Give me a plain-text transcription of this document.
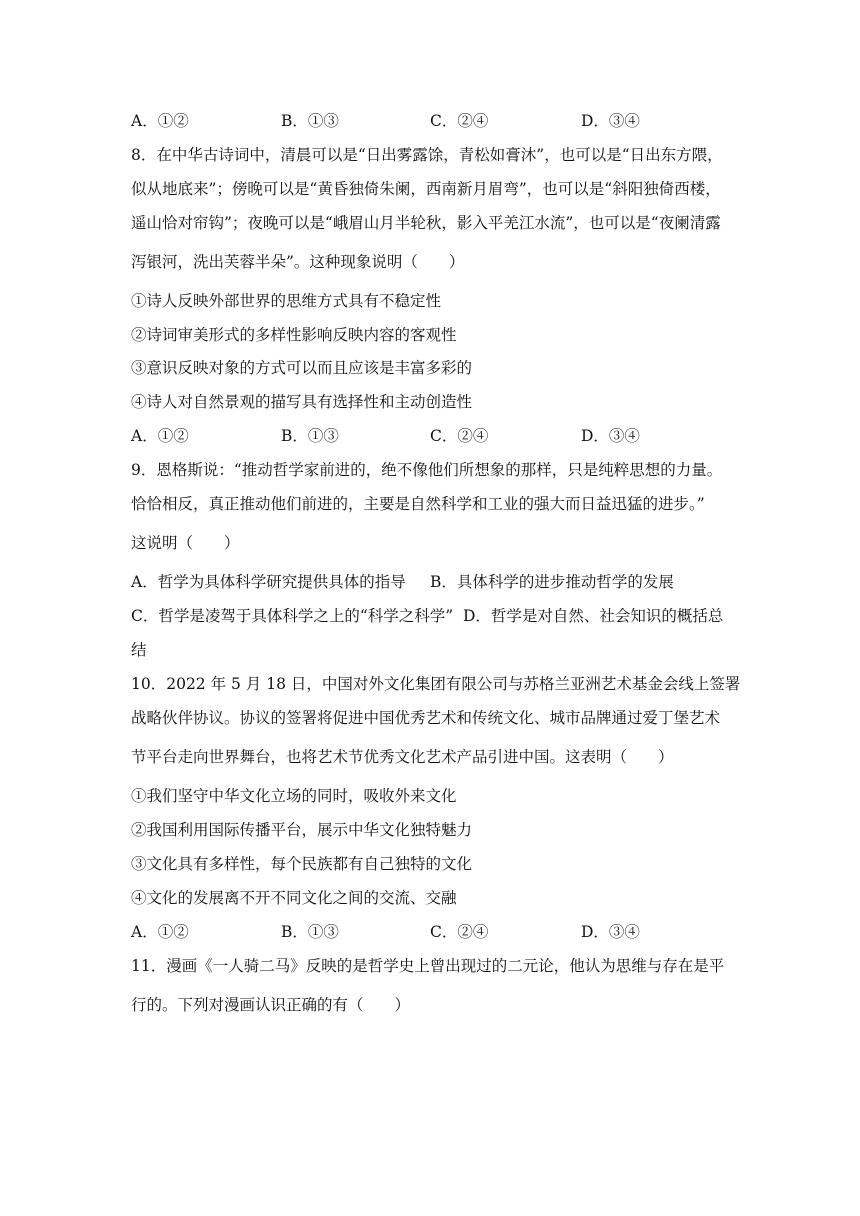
A．①②	B．①③	C．②④	D．③④
8．在中华古诗词中，清晨可以是“日出雾露馀，青松如膏沐”，也可以是“日出东方隈，
似从地底来”；傍晚可以是“黄昏独倚朱阑，西南新月眉弯”，也可以是“斜阳独倚西楼，
遥山恰对帘钩”；夜晚可以是“峨眉山月半轮秋，影入平羌江水流”，也可以是“夜阑清露
泻银河，洗出芙蓉半朵”。这种现象说明（　　）
①诗人反映外部世界的思维方式具有不稳定性
②诗词审美形式的多样性影响反映内容的客观性
③意识反映对象的方式可以而且应该是丰富多彩的
④诗人对自然景观的描写具有选择性和主动创造性
A．①②	B．①③	C．②④	D．③④
9．恩格斯说：“推动哲学家前进的，绝不像他们所想象的那样，只是纯粹思想的力量。
恰恰相反，真正推动他们前进的，主要是自然科学和工业的强大而日益迅猛的进步。”
这说明（　　）
A．哲学为具体科学研究提供具体的指导 B．具体科学的进步推动哲学的发展
C．哲学是凌驾于具体科学之上的“科学之科学” D．哲学是对自然、社会知识的概括总
结
10．2022 年 5 月 18 日，中国对外文化集团有限公司与苏格兰亚洲艺术基金会线上签署
战略伙伴协议。协议的签署将促进中国优秀艺术和传统文化、城市品牌通过爱丁堡艺术
节平台走向世界舞台，也将艺术节优秀文化艺术产品引进中国。这表明（　　）
①我们坚守中华文化立场的同时，吸收外来文化
②我国利用国际传播平台，展示中华文化独特魅力
③文化具有多样性，每个民族都有自己独特的文化
④文化的发展离不开不同文化之间的交流、交融
A．①②	B．①③	C．②④	D．③④
11．漫画《一人骑二马》反映的是哲学史上曾出现过的二元论，他认为思维与存在是平
行的。下列对漫画认识正确的有（　　）
